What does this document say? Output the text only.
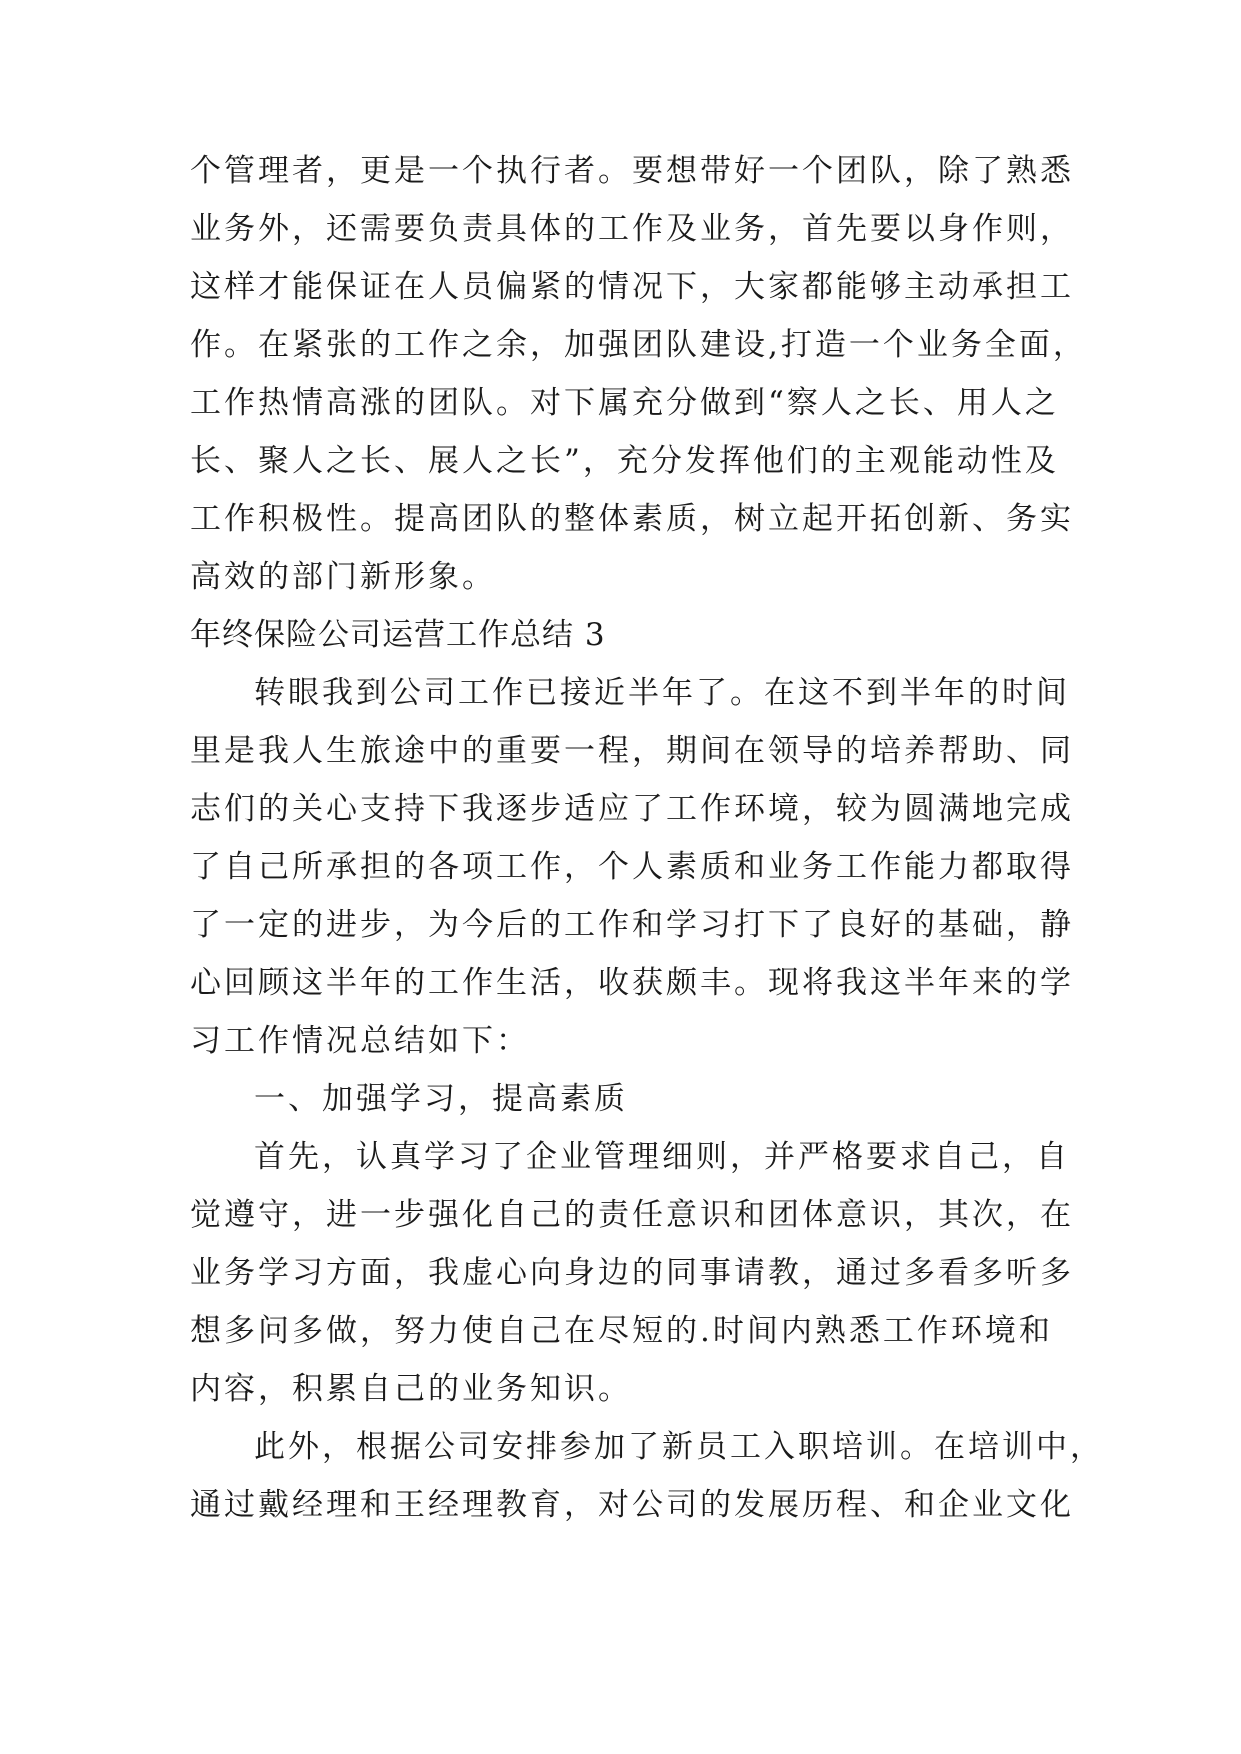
个管理者，更是一个执行者。要想带好一个团队，除了熟悉
业务外，还需要负责具体的工作及业务，首先要以身作则，
这样才能保证在人员偏紧的情况下，大家都能够主动承担工
作。在紧张的工作之余，加强团队建设,打造一个业务全面，
工作热情高涨的团队。对下属充分做到“察人之长、用人之
长、聚人之长、展人之长”，充分发挥他们的主观能动性及
工作积极性。提高团队的整体素质，树立起开拓创新、务实
高效的部门新形象。
年终保险公司运营工作总结 3
转眼我到公司工作已接近半年了。在这不到半年的时间
里是我人生旅途中的重要一程，期间在领导的培养帮助、同
志们的关心支持下我逐步适应了工作环境，较为圆满地完成
了自己所承担的各项工作，个人素质和业务工作能力都取得
了一定的进步，为今后的工作和学习打下了良好的基础，静
心回顾这半年的工作生活，收获颇丰。现将我这半年来的学
习工作情况总结如下：
一、加强学习，提高素质
首先，认真学习了企业管理细则，并严格要求自己，自
觉遵守，进一步强化自己的责任意识和团体意识，其次，在
业务学习方面，我虚心向身边的同事请教，通过多看多听多
想多问多做，努力使自己在尽短的.时间内熟悉工作环境和
内容，积累自己的业务知识。
此外，根据公司安排参加了新员工入职培训。在培训中，
通过戴经理和王经理教育，对公司的发展历程、和企业文化
